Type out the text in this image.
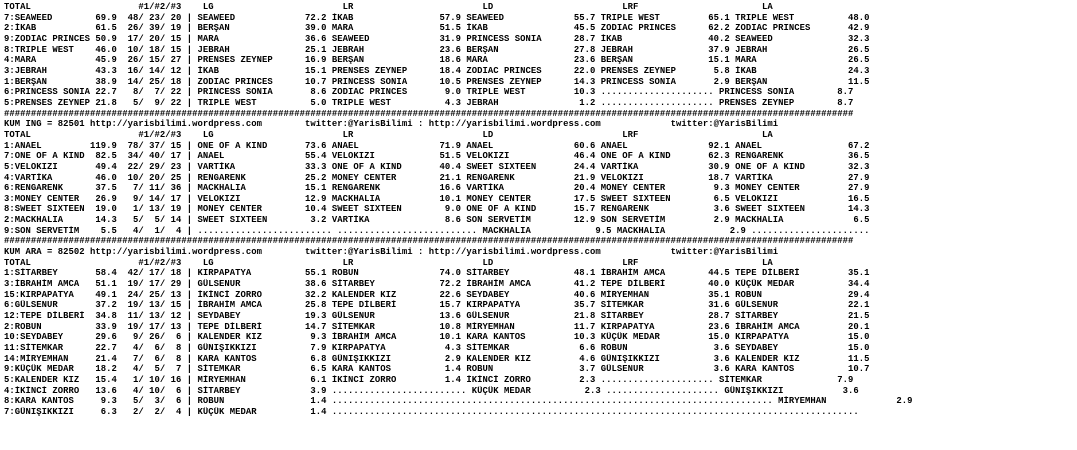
TOTAL                    #1/#2/#3    LG                        LR                        LD                        LRF                       LA
7:SEAWEED        69.9  48/ 23/ 20 | SEAWEED             72.2 İKAB                57.9 SEAWEED             55.7 TRIPLE WEST         65.1 TRIPLE WEST          48.0
2:İKAB           61.5  26/ 39/ 19 | BERŞAN              39.0 MARA                51.5 İKAB                45.5 ZODIAC PRINCES      62.2 ZODIAC PRINCES       42.9
9:ZODIAC PRINCES 50.9  17/ 20/ 15 | MARA                36.6 SEAWEED             31.9 PRINCESS SONIA      28.7 İKAB                40.2 SEAWEED              32.3
8:TRIPLE WEST    46.0  10/ 18/ 15 | JEBRAH              25.1 JEBRAH              23.6 BERŞAN              27.8 JEBRAH              37.9 JEBRAH               26.5
4:MARA           45.9  26/ 15/ 27 | PRENSES ZEYNEP      16.9 BERŞAN              18.6 MARA                23.6 BERŞAN              15.1 MARA                 26.5
3:JEBRAH         43.3  16/ 14/ 12 | İKAB                15.1 PRENSES ZEYNEP      18.4 ZODIAC PRINCES      22.0 PRENSES ZEYNEP       5.8 İKAB                 24.3
1:BERŞAN         38.9  14/ 25/ 18 | ZODIAC PRINCES      10.7 PRINCESS SONIA      10.5 PRENSES ZEYNEP      14.3 PRINCESS SONIA       2.9 BERŞAN               11.5
6:PRINCESS SONIA 22.7   8/  7/ 22 | PRINCESS SONIA       8.6 ZODIAC PRINCES       9.0 TRIPLE WEST         10.3 ..................... PRINCESS SONIA        8.7
5:PRENSES ZEYNEP 21.8   5/  9/ 22 | TRIPLE WEST          5.0 TRIPLE WEST          4.3 JEBRAH               1.2 ..................... PRENSES ZEYNEP        8.7
##############################################################################################################################################################
KUM ING = 82501 http://yarisbilimi.wordpress.com        twitter:@YarisBilimi : http://yarisbilimi.wordpress.com             twitter:@YarisBilimi
TOTAL                    #1/#2/#3    LG                        LR                        LD                        LRF                       LA
1:ANAEL         119.9  78/ 37/ 15 | ONE OF A KIND       73.6 ANAEL               71.9 ANAEL               60.6 ANAEL               92.1 ANAEL                67.2
7:ONE OF A KIND  82.5  34/ 40/ 17 | ANAEL               55.4 VELOKIZI            51.5 VELOKIZI            46.4 ONE OF A KIND       62.3 RENGARENK            36.5
5:VELOKIZI       49.4  22/ 29/ 23 | VARTİKA             33.3 ONE OF A KIND       40.4 SWEET SIXTEEN       24.4 VARTİKA             30.9 ONE OF A KIND        32.3
4:VARTİKA        46.0  10/ 20/ 25 | RENGARENK           25.2 MONEY CENTER        21.1 RENGARENK           21.9 VELOKIZI            18.7 VARTİKA              27.9
6:RENGARENK      37.5   7/ 11/ 36 | MACKHALIA           15.1 RENGARENK           16.6 VARTİKA             20.4 MONEY CENTER         9.3 MONEY CENTER         27.9
3:MONEY CENTER   26.9   9/ 14/ 17 | VELOKIZI            12.9 MACKHALIA           10.1 MONEY CENTER        17.5 SWEET SIXTEEN        6.5 VELOKIZI             16.5
8:SWEET SIXTEEN  19.0   1/ 13/ 19 | MONEY CENTER        10.4 SWEET SIXTEEN        9.0 ONE OF A KIND       15.7 RENGARENK            3.6 SWEET SIXTEEN        14.3
2:MACKHALIA      14.3   5/  5/ 14 | SWEET SIXTEEN        3.2 VARTİKA              8.6 SON SERVETİM        12.9 SON SERVETİM         2.9 MACKHALIA             6.5
9:SON SERVETİM    5.5   4/  1/  4 | ......................... .......................... MACKHALIA            9.5 MACKHALIA            2.9 ......................
##############################################################################################################################################################
KUM ARA = 82502 http://yarisbilimi.wordpress.com        twitter:@YarisBilimi : http://yarisbilimi.wordpress.com             twitter:@YarisBilimi
TOTAL                    #1/#2/#3    LG                        LR                        LD                        LRF                       LA
1:SİTARBEY       58.4  42/ 17/ 18 | KIRPAPATYA          55.1 ROBUN               74.0 SİTARBEY            48.1 İBRAHİM AMCA        44.5 TEPE DİLBERİ         35.1
3:İBRAHİM AMCA   51.1  19/ 17/ 29 | GÜLSENUR            38.6 SİTARBEY            72.2 İBRAHİM AMCA        41.2 TEPE DİLBERİ        40.0 KÜÇÜK MEDAR          34.4
15:KIRPAPATYA    49.1  24/ 25/ 13 | İKİNCİ ZORRO        32.2 KALENDER KIZ        22.6 SEYDABEY            40.6 MİRYEMHAN           35.1 ROBUN                29.4
6:GÜLSENUR       37.2  19/ 13/ 15 | İBRAHİM AMCA        25.8 TEPE DİLBERİ        15.7 KIRPAPATYA          35.7 SİTEMKAR            31.6 GÜLSENUR             22.1
12:TEPE DİLBERİ  34.8  11/ 13/ 12 | SEYDABEY            19.3 GÜLSENUR            13.6 GÜLSENUR            21.8 SİTARBEY            28.7 SİTARBEY             21.5
2:ROBUN          33.9  19/ 17/ 13 | TEPE DİLBERİ        14.7 SİTEMKAR            10.8 MİRYEMHAN           11.7 KIRPAPATYA          23.6 İBRAHİM AMCA         20.1
10:SEYDABEY      29.6   9/ 26/  6 | KALENDER KIZ         9.3 İBRAHİM AMCA        10.1 KARA KANTOS         10.3 KÜÇÜK MEDAR         15.0 KIRPAPATYA           15.0
11:SİTEMKAR      22.7   4/  6/  8 | GÜNIŞIKKIZI          7.9 KIRPAPATYA           4.3 SİTEMKAR             6.6 ROBUN                3.6 SEYDABEY             15.0
14:MİRYEMHAN     21.4   7/  6/  8 | KARA KANTOS          6.8 GÜNIŞIKKIZI          2.9 KALENDER KIZ         4.6 GÜNIŞIKKIZI          3.6 KALENDER KIZ         11.5
9:KÜÇÜK MEDAR    18.2   4/  5/  7 | SİTEMKAR             6.5 KARA KANTOS          1.4 ROBUN                3.7 GÜLSENUR             3.6 KARA KANTOS          10.7
5:KALENDER KIZ   15.4   1/ 10/ 16 | MİRYEMHAN            6.1 İKİNCİ ZORRO         1.4 İKİNCİ ZORRO         2.3 ..................... SİTEMKAR              7.9
4:İKİNCİ ZORRO   13.6   4/ 10/  6 | SİTARBEY             3.9 ......................... KÜÇÜK MEDAR          2.3 ..................... GÜNIŞIKKIZI           3.6
8:KARA KANTOS     9.3   5/  3/  6 | ROBUN                1.4 .................................................................................. MİRYEMHAN             2.9
7:GÜNIŞIKKIZI     6.3   2/  2/  4 | KÜÇÜK MEDAR          1.4 ..................................................................................................
